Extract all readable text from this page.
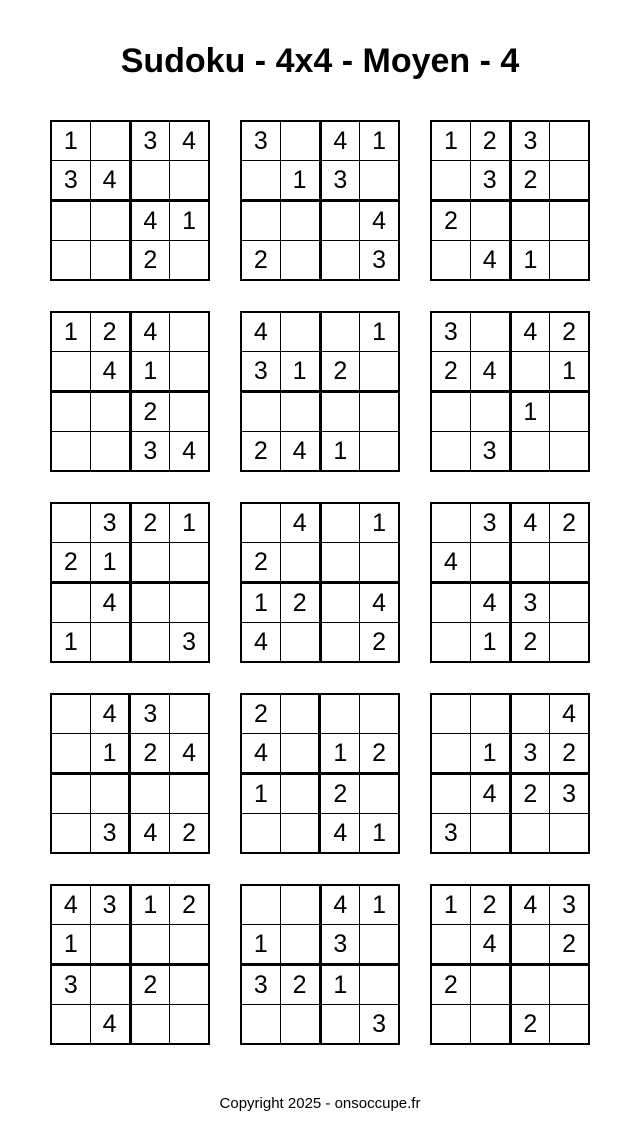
Sudoku - 4x4 - Moyen - 4
1		3	4
3	4		
		4	1
		2	
3		4	1
	1	3	
			4
2			3
1	2	3	
	3	2	
2			
	4	1	
1	2	4	
	4	1	
		2	
		3	4
4			1
3	1	2	

2	4	1	
3		4	2
2	4		1
		1	
	3		
	3	2	1
2	1		
	4		
1			3
	4		1
2			
1	2		4
4			2
	3	4	2
4			
	4	3	
	1	2	
	4	3	
	1	2	4

	3	4	2
2			
4		1	2
1		2	
		4	1
			4
	1	3	2
	4	2	3
3			
4	3	1	2
1			
3		2	
	4		
		4	1
1		3	
3	2	1	
			3
1	2	4	3
	4		2
2			
		2	
Copyright 2025 - onsoccupe.fr
